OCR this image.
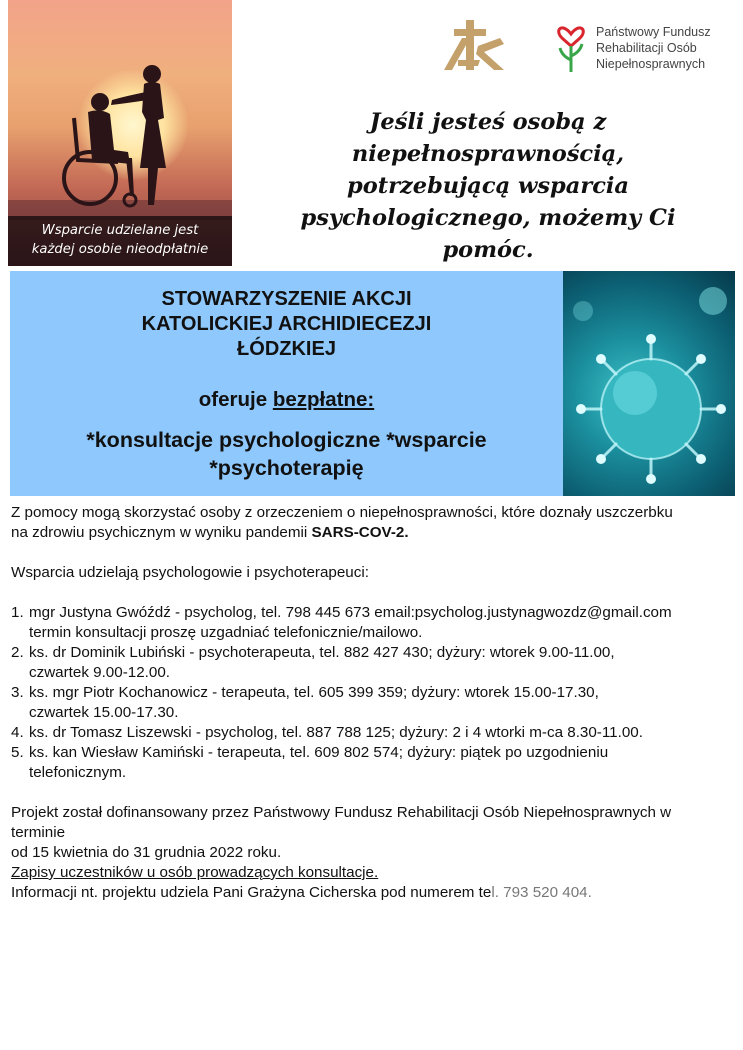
Wsparcie udzielane jest
każdej osobie nieodpłatnie
Państwowy Fundusz
Rehabilitacji Osób
Niepełnosprawnych
Jeśli jesteś osobą z
niepełnosprawnością,
potrzebującą wsparcia
psychologicznego, możemy Ci
pomóc.
STOWARZYSZENIE AKCJI
KATOLICKIEJ ARCHIDIECEZJI
ŁÓDZKIEJ
oferuje bezpłatne:
*konsultacje psychologiczne *wsparcie
*psychoterapię

Z pomocy mogą skorzystać osoby z orzeczeniem o niepełnosprawności, które doznały uszczerbku

na zdrowiu psychicznym w wyniku pandemii SARS-COV-2.

Wsparcia udzielają psychologowie i psychoterapeuci:

1. mgr Justyna Gwóźdź - psycholog, tel. 798 445 673 email:psycholog.justynagwozdz@gmail.com
termin konsultacji proszę uzgadniać telefonicznie/mailowo.
2. ks. dr Dominik Lubiński - psychoterapeuta, tel. 882 427 430; dyżury: wtorek 9.00-11.00,
czwartek 9.00-12.00.
3. ks. mgr Piotr Kochanowicz - terapeuta, tel. 605 399 359; dyżury: wtorek 15.00-17.30,
czwartek 15.00-17.30.
4. ks. dr Tomasz Liszewski - psycholog, tel. 887 788 125; dyżury: 2 i 4 wtorki m-ca 8.30-11.00.
5. ks. kan Wiesław Kamiński - terapeuta, tel. 609 802 574; dyżury: piątek po uzgodnieniu
telefonicznym.

Projekt został dofinansowany przez Państwowy Fundusz Rehabilitacji Osób Niepełnosprawnych w

terminie

od 15 kwietnia do 31 grudnia 2022 roku.

Zapisy uczestników u osób prowadzących konsultacje.

Informacji nt. projektu udziela Pani Grażyna Cicherska pod numerem tel. 793 520 404.
